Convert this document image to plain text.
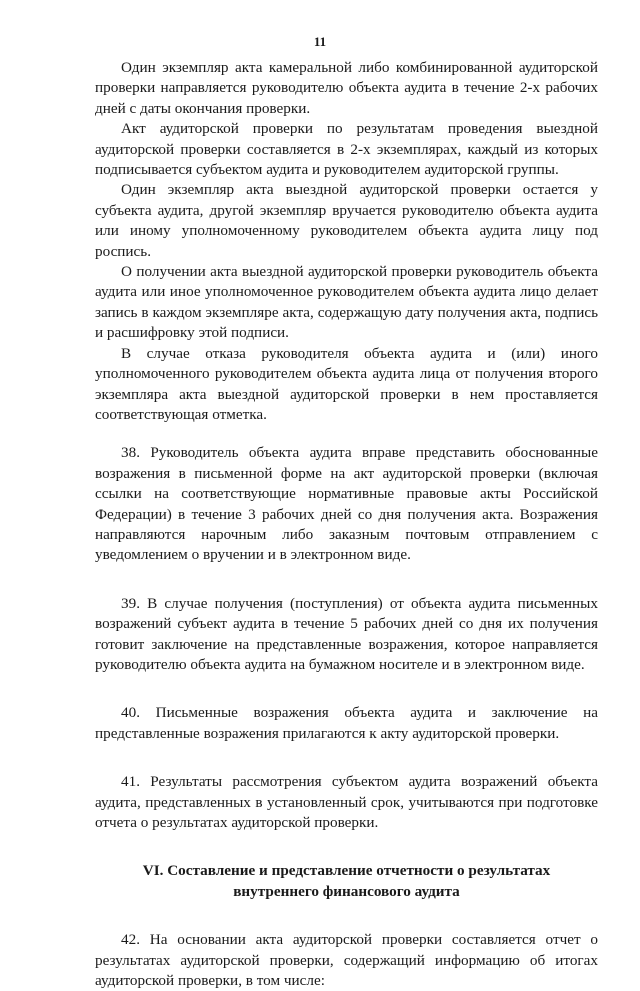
11

Один экземпляр акта камеральной либо комбинированной аудиторской проверки направляется руководителю объекта аудита в течение 2-х рабочих дней с даты окончания проверки.

Акт аудиторской проверки по результатам проведения выездной аудиторской проверки составляется в 2-х экземплярах, каждый из которых подписывается субъектом аудита и руководителем аудиторской группы.

Один экземпляр акта выездной аудиторской проверки остается у субъекта аудита, другой экземпляр вручается руководителю объекта аудита или иному уполномоченному руководителем объекта аудита лицу под роспись.

О получении акта выездной аудиторской проверки руководитель объекта аудита или иное уполномоченное руководителем объекта аудита лицо делает запись в каждом экземпляре акта, содержащую дату получения акта, подпись и расшифровку этой подписи.

В случае отказа руководителя объекта аудита и (или) иного уполномоченного руководителем объекта аудита лица от получения второго экземпляра акта выездной аудиторской проверки в нем проставляется соответствующая отметка.

38. Руководитель объекта аудита вправе представить обоснованные возражения в письменной форме на акт аудиторской проверки (включая ссылки на соответствующие нормативные правовые акты Российской Федерации) в течение 3 рабочих дней со дня получения акта. Возражения направляются нарочным либо заказным почтовым отправлением с уведомлением о вручении и в электронном виде.

39. В случае получения (поступления) от объекта аудита письменных возражений субъект аудита в течение 5 рабочих дней со дня их получения готовит заключение на представленные возражения, которое направляется руководителю объекта аудита на бумажном носителе и в электронном виде.

40. Письменные возражения объекта аудита и заключение на представленные возражения прилагаются к акту аудиторской проверки.

41. Результаты рассмотрения субъектом аудита возражений объекта аудита, представленных в установленный срок, учитываются при подготовке отчета о результатах аудиторской проверки.

VI. Составление и представление отчетности о результатах
внутреннего финансового аудита

42. На основании акта аудиторской проверки составляется отчет о результатах аудиторской проверки, содержащий информацию об итогах аудиторской проверки, в том числе:
